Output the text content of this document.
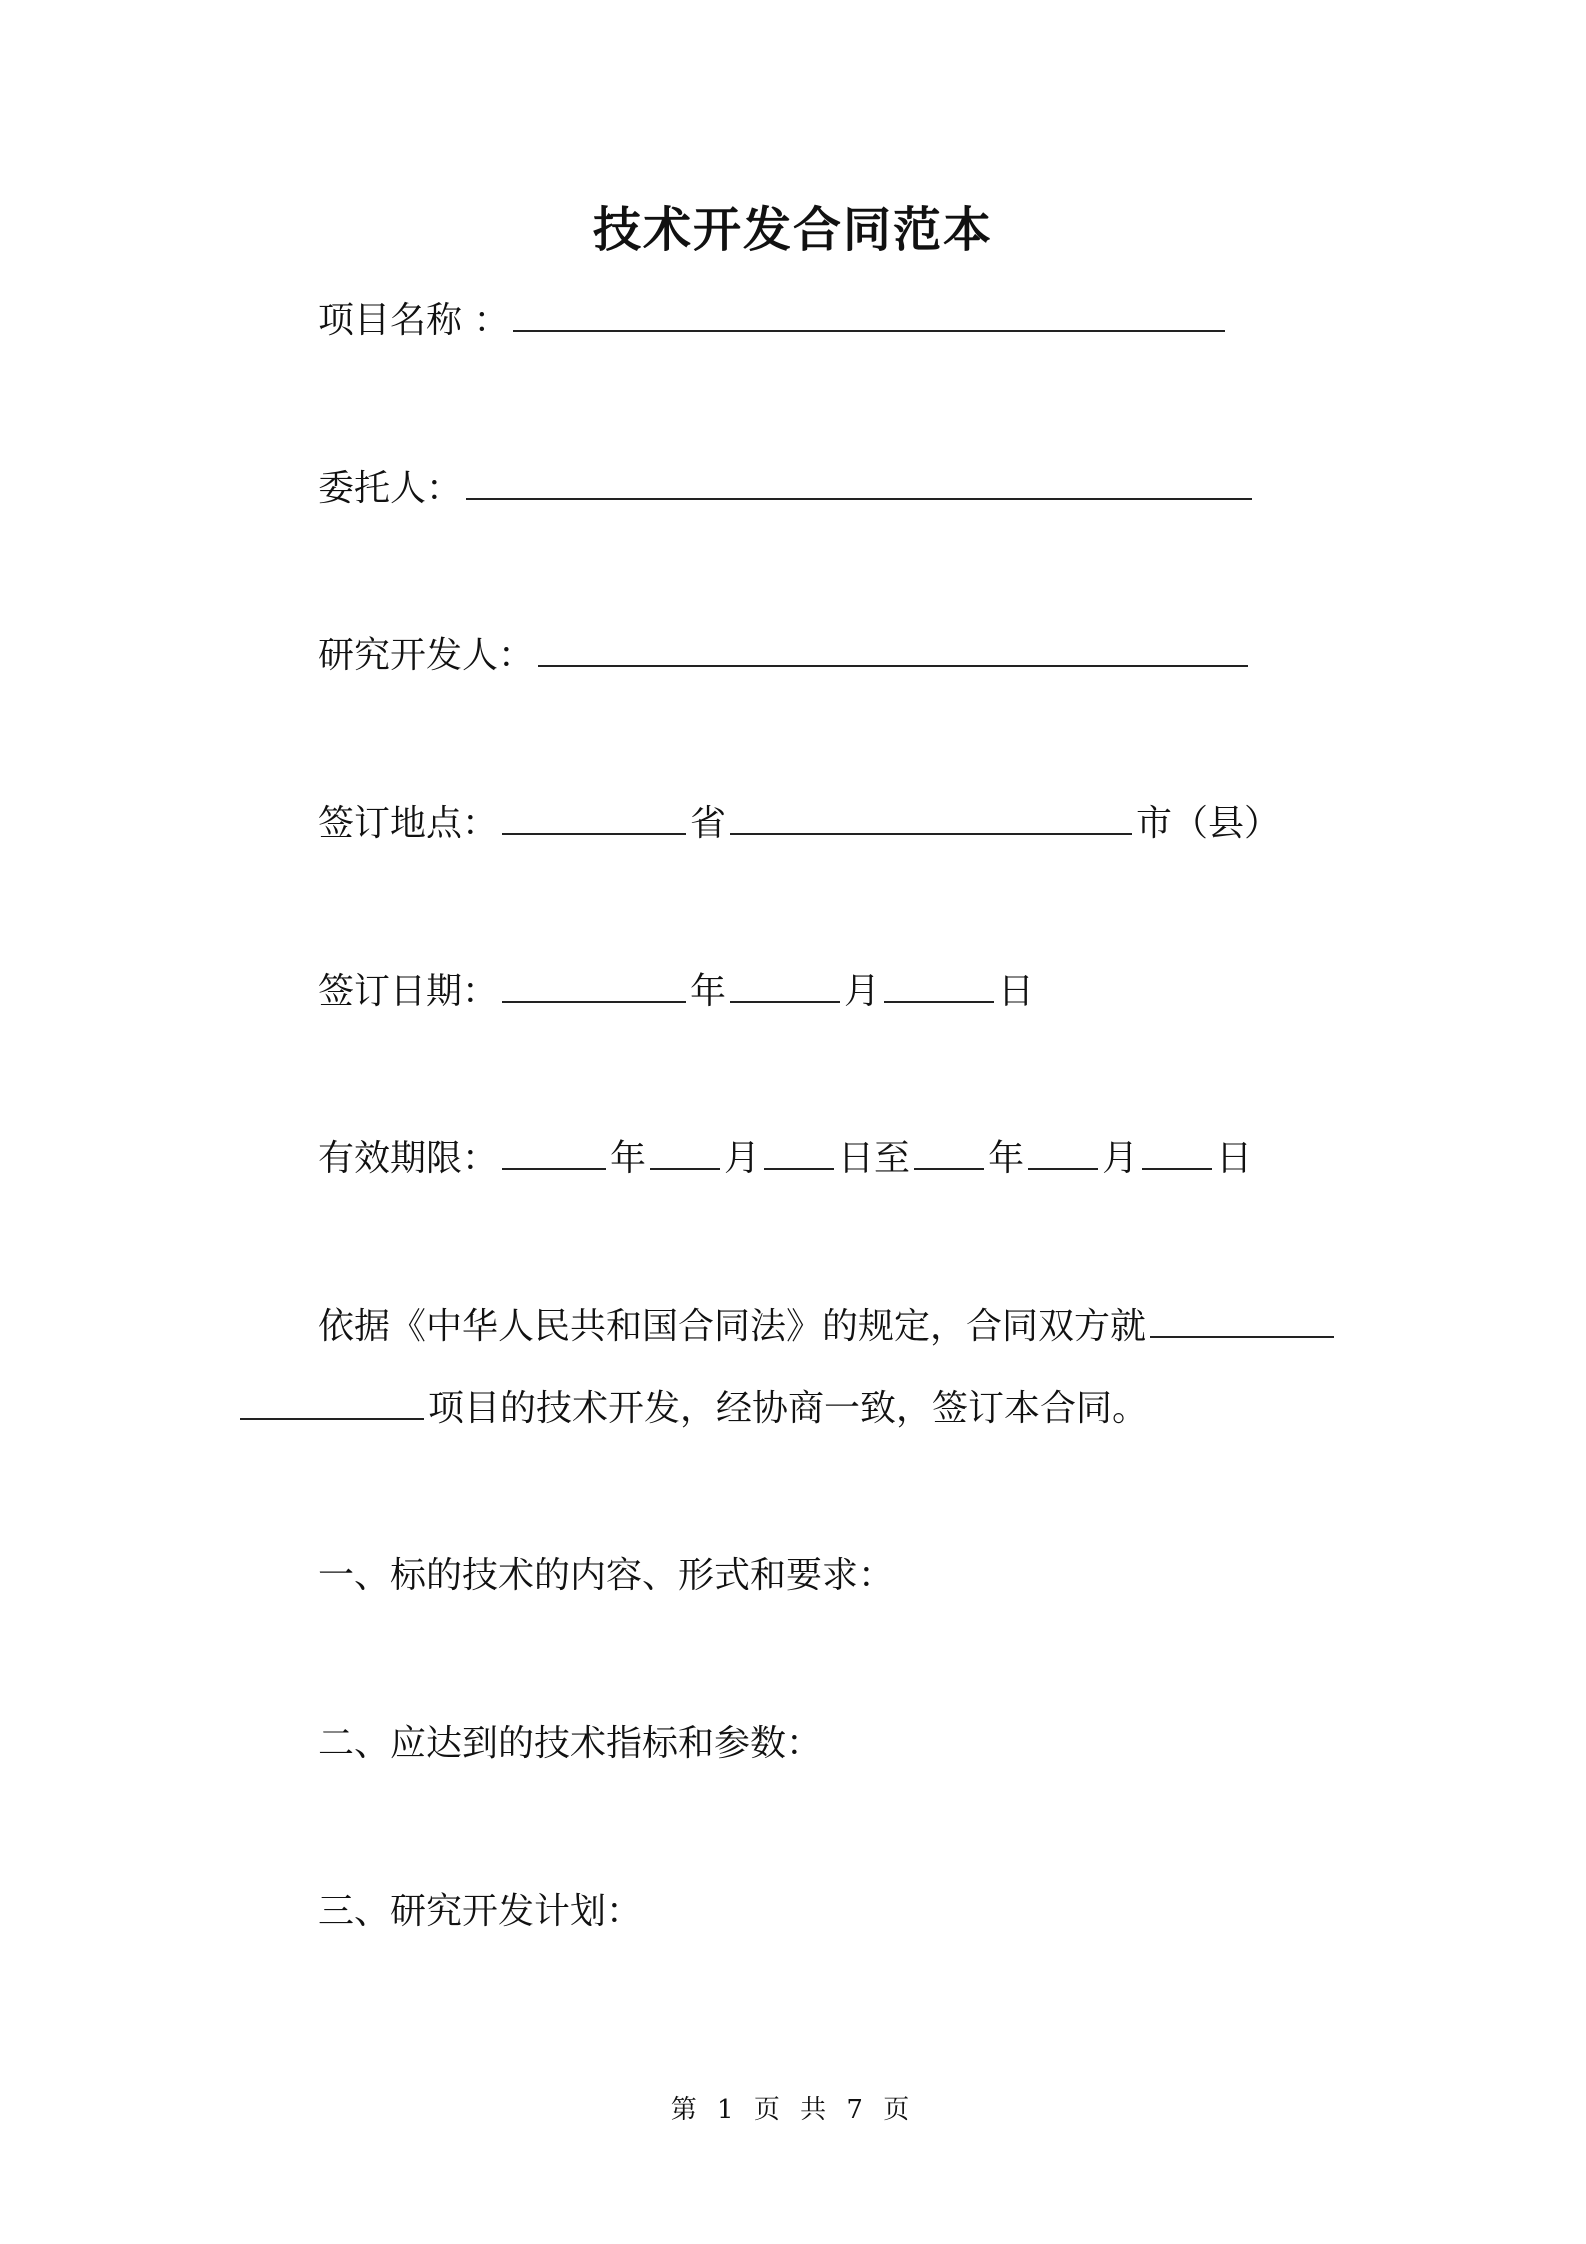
技术开发合同范本
项目名称 ：
委托人：
研究开发人：
签订地点：	省	市（县）
签订日期：	年	月	日
有效期限：	年 月 日至 年 月 日
依据《中华人民共和国合同法》的规定，合同双方就
项目的技术开发，经协商一致，签订本合同。
一、标的技术的内容、形式和要求：
二、应达到的技术指标和参数：
三、研究开发计划：
第 1 页 共 7 页
